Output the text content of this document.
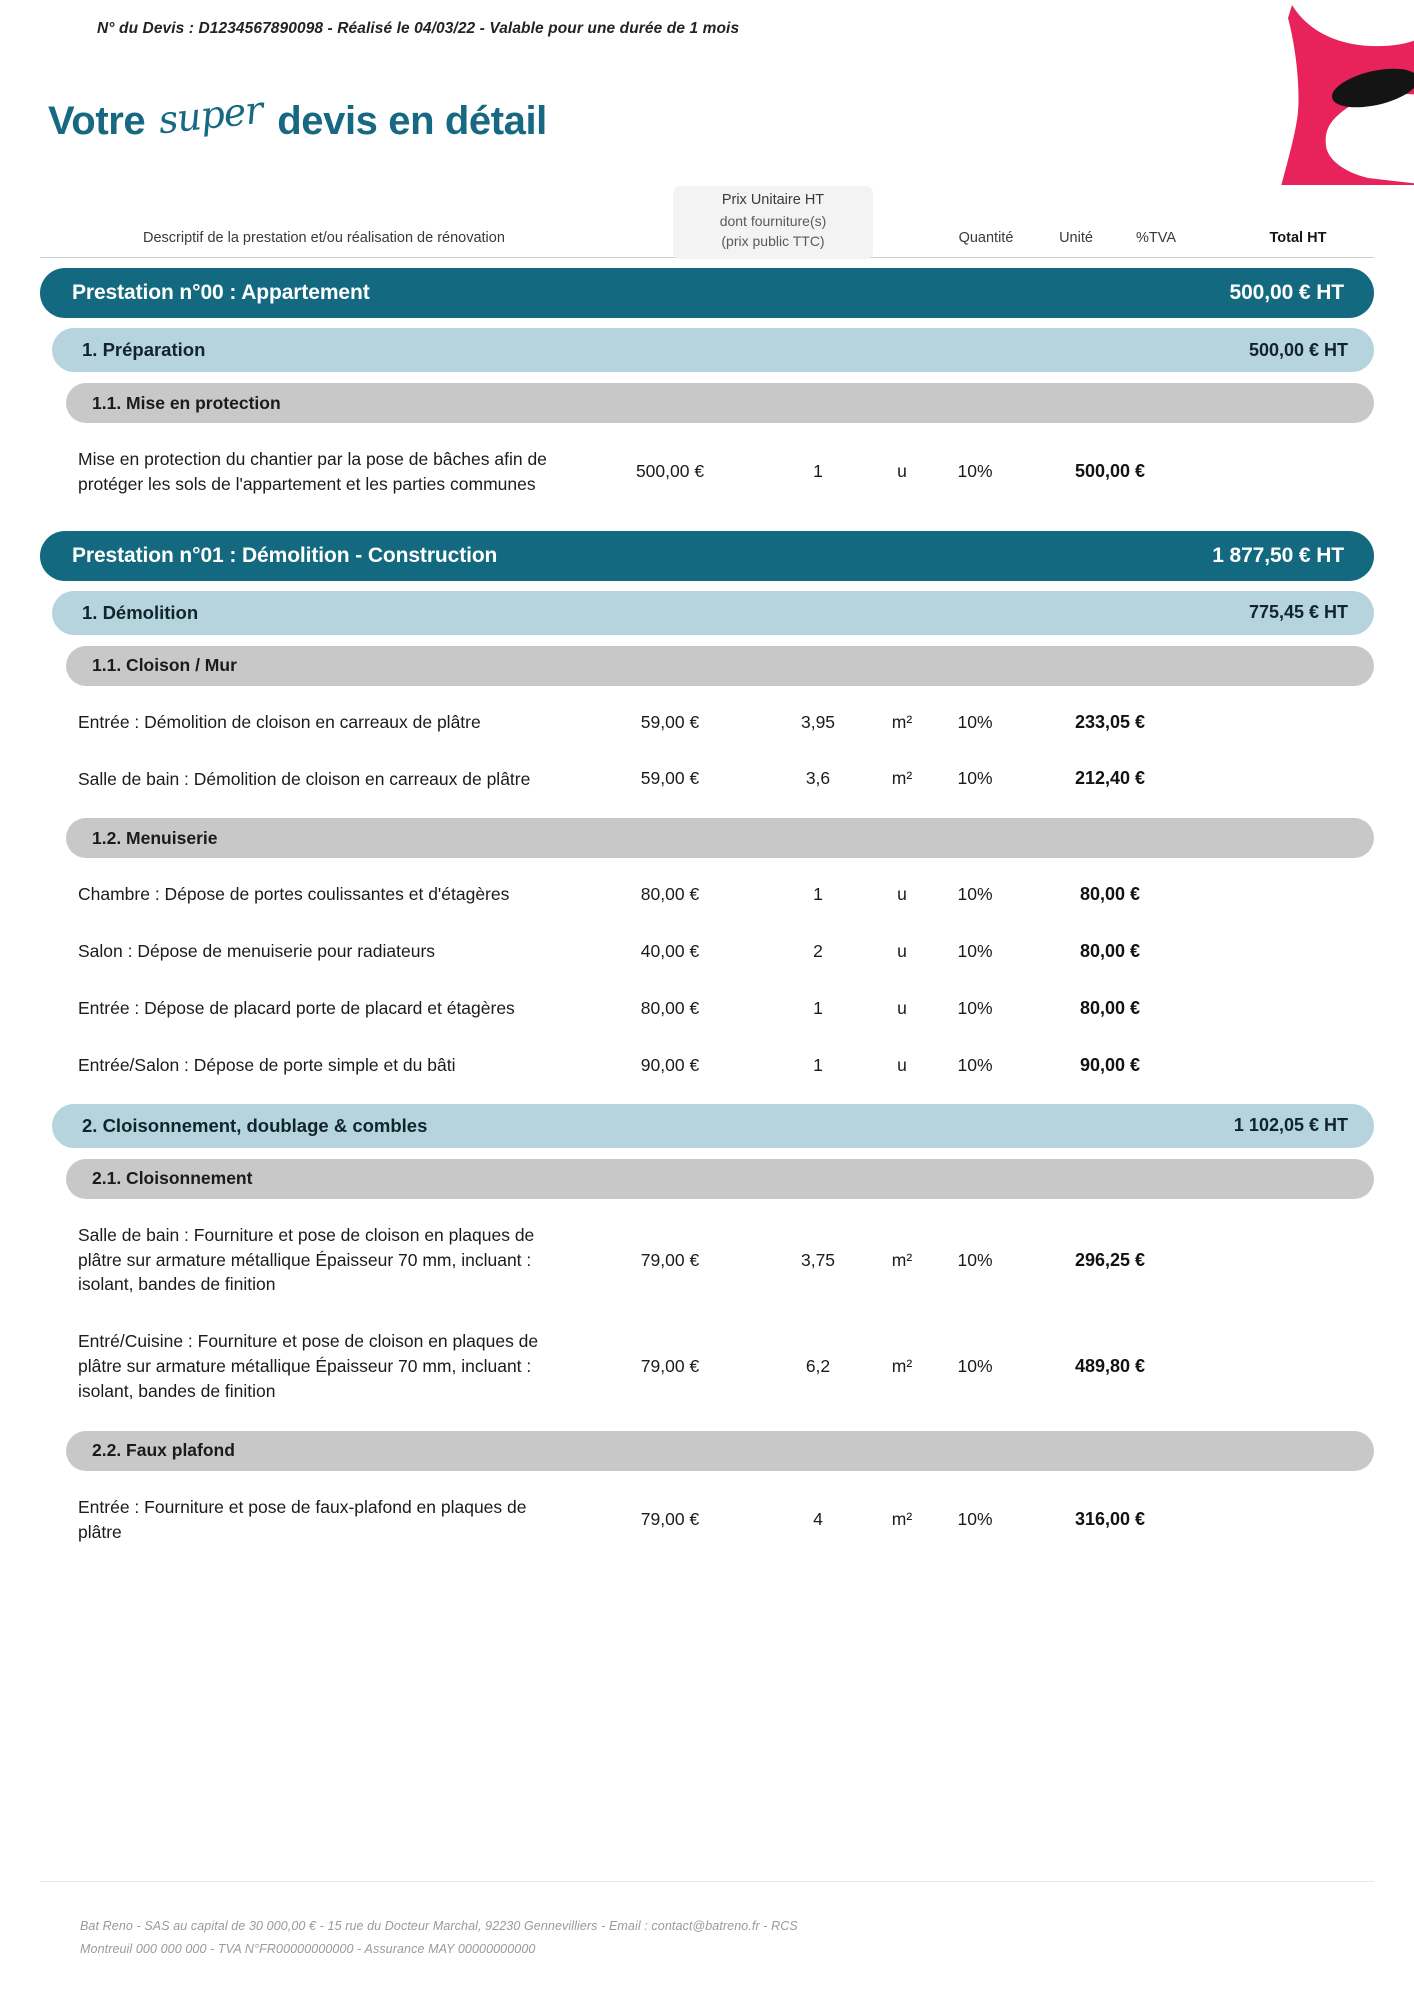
N° du Devis : D1234567890098 - Réalisé le 04/03/22 - Valable pour une durée de 1 mois
Votre super devis en détail
Descriptif de la prestation et/ou réalisation de rénovation
Prix Unitaire HT
dont fourniture(s)
(prix public TTC)	Quantité	Unité	%TVA	Total HT
Prestation n°00 : Appartement	500,00 € HT
1. Préparation	500,00 € HT
1.1. Mise en protection
Mise en protection du chantier par la pose de bâches afin de protéger les sols de l'appartement et les parties communes
500,00 €	1	u	10%	500,00 €
Prestation n°01 : Démolition - Construction	1 877,50 € HT
1. Démolition	775,45 € HT
1.1. Cloison / Mur
Entrée : Démolition de cloison en carreaux de plâtre	59,00 €	3,95	m²	10%	233,05 €
Salle de bain : Démolition de cloison en carreaux de plâtre	59,00 €	3,6	m²	10%	212,40 €
1.2. Menuiserie
Chambre : Dépose de portes coulissantes et d'étagères	80,00 €	1	u	10%	80,00 €
Salon : Dépose de menuiserie pour radiateurs	40,00 €	2	u	10%	80,00 €
Entrée : Dépose de placard porte de placard et étagères	80,00 €	1	u	10%	80,00 €
Entrée/Salon : Dépose de porte simple et du bâti	90,00 €	1	u	10%	90,00 €
2. Cloisonnement, doublage & combles	1 102,05 € HT
2.1. Cloisonnement
Salle de bain : Fourniture et pose de cloison en plaques de plâtre sur armature métallique Épaisseur 70 mm, incluant : isolant, bandes de finition
79,00 €	3,75	m²	10%	296,25 €
Entré/Cuisine : Fourniture et pose de cloison en plaques de plâtre sur armature métallique Épaisseur 70 mm, incluant : isolant, bandes de finition
79,00 €	6,2	m²	10%	489,80 €
2.2. Faux plafond
Entrée : Fourniture et pose de faux-plafond en plaques de plâtre
79,00 €	4	m²	10%	316,00 €
Bat Reno - SAS au capital de 30 000,00 € - 15 rue du Docteur Marchal, 92230 Gennevilliers - Email : contact@batreno.fr - RCS
Montreuil 000 000 000 - TVA N°FR00000000000 - Assurance MAY 00000000000
